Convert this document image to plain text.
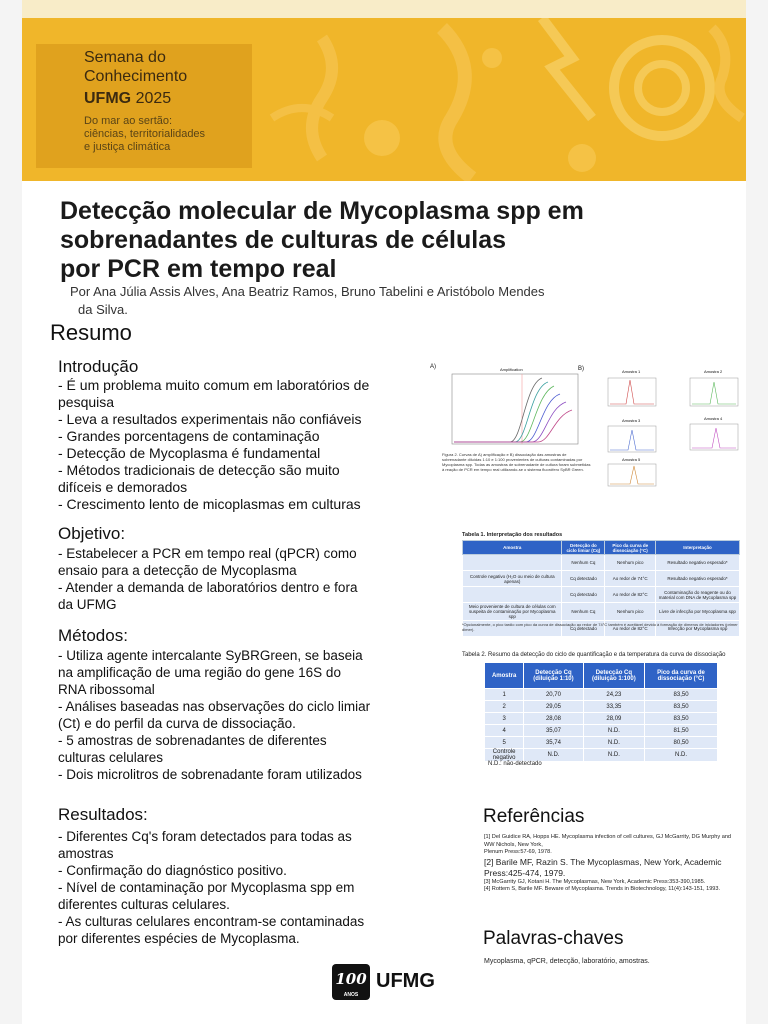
Semana do
Conhecimento
UFMG 2025
Do mar ao sertão:
ciências, territorialidades
e justiça climática
Detecção molecular de Mycoplasma spp em
sobrenadantes de culturas de células
por PCR em tempo real
Por Ana Júlia Assis Alves, Ana Beatriz Ramos, Bruno Tabelini e Aristóbolo Mendes
da Silva.
Resumo
Introdução
- É um problema muito comum em laboratórios de
pesquisa
- Leva a resultados experimentais não confiáveis
- Grandes porcentagens de contaminação
- Detecção de Mycoplasma é fundamental
- Métodos tradicionais de detecção são muito
difíceis e demorados
- Crescimento lento de micoplasmas em culturas
Objetivo:
- Estabelecer a PCR em tempo real (qPCR) como
ensaio para a detecção de Mycoplasma
- Atender a demanda de laboratórios dentro e fora
da UFMG
Métodos:
- Utiliza agente intercalante SyBRGreen, se baseia
na amplificação de uma região do gene 16S do
RNA ribossomal
- Análises baseadas nas observações do ciclo limiar
(Ct) e do perfil da curva de dissociação.
- 5 amostras de sobrenadantes de diferentes
culturas celulares
- Dois microlitros de sobrenadante foram utilizados
Resultados:
- Diferentes Cq's foram detectados para todas as
amostras
- Confirmação do diagnóstico positivo.
- Nível de contaminação por Mycoplasma spp em
diferentes culturas celulares.
- As culturas celulares encontram-se contaminadas
por diferentes espécies de Mycoplasma.
A)	Amplification
Figura 2. Curvas de A) amplificação e B) dissociação das amostras de sobrenadante diluídas 1:10 e 1:100 provenientes de culturas contaminadas por Mycoplasma spp. Todas as amostras de sobrenadante de cultura foram submetidas à reação de PCR em tempo real utilizando-se o sistema fluorófero SyBR Green.
B)	Amostra 1	Amostra 2
Amostra 3	Amostra 4
Amostra 5
Tabela 1. Interpretação dos resultados
Amostra	Detecção do ciclo limiar (Cq)	Pico da curva de dissociação (°C)	Interpretação
	Nenhum Cq	Nenhum pico	Resultado negativo esperado*
Controle negativo (H₂O ou meio de cultura apenas)	Cq detectado	Ao redor de 74°C	Resultado negativo esperado*
	Cq detectado	Ao redor de 82°C	Contaminação do reagente ou do material com DNA de Mycoplasma spp
Meio proveniente de cultura de células com suspeita de contaminação por Mycoplasma spp	Nenhum Cq	Nenhum pico	Livre de infecção por Mycoplasma spp
	Cq detectado	Ao redor de 82°C	Infecção por Mycoplasma spp
*Opcionalmente, o pico tardio com pico da curva de dissociação ao redor de 74°C também é aceitável devido à formação de dímeros de iniciadores (primer dimer).
Tabela 2. Resumo da detecção do ciclo de quantificação e da temperatura da curva de dissociação
Amostra	Detecção Cq (diluição 1:10)	Detecção Cq (diluição 1:100)	Pico da curva de dissociação (°C)
1	20,70	24,23	83,50
2	29,05	33,35	83,50
3	28,08	28,09	83,50
4	35,07	N.D.	81,50
5	35,74	N.D.	80,50
Controle negativo	N.D.	N.D.	N.D.
N.D.: não-detectado
Referências
[1] Del Guidice RA, Hopps HE. Mycoplasma infection of cell cultures, GJ McGarrity, DG Murphy and
WW Nichols, New York,
Plenum Press:57-69, 1978.
[2] Barile MF, Razin S. The Mycoplasmas, New York, Academic Press:425-474, 1979.
[3] McGarrity GJ, Kotani H. The Mycoplasmas, New York, Academic Press:353-390,1985.
[4] Rottem S, Barile MF. Beware of Mycoplasma. Trends in Biotechnology, 11(4):143-151, 1993.
Palavras-chaves
Mycoplasma, qPCR, detecção, laboratório, amostras.
100
ANOS
UFMG
